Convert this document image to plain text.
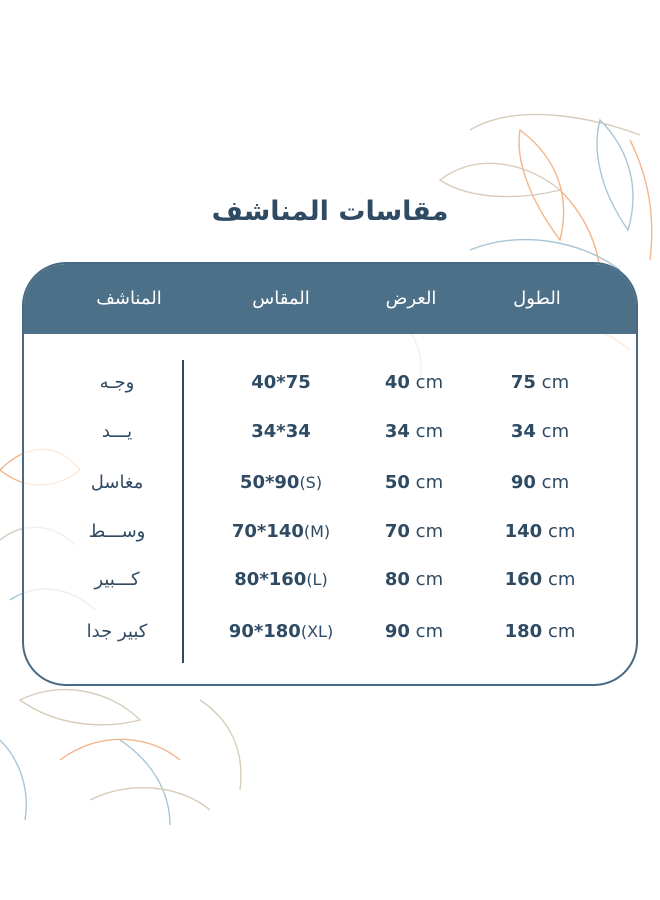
مقاسات المناشف
المناشف	المقاس	العرض	الطول
وجـه	40*75	40 cm	75 cm
يـــد	34*34	34 cm	34 cm
مغاسل	50*90(S)	50 cm	90 cm
وســـط	70*140(M)	70 cm	140 cm
كـــبير	80*160(L)	80 cm	160 cm
كبير جدا	90*180(XL)	90 cm	180 cm
